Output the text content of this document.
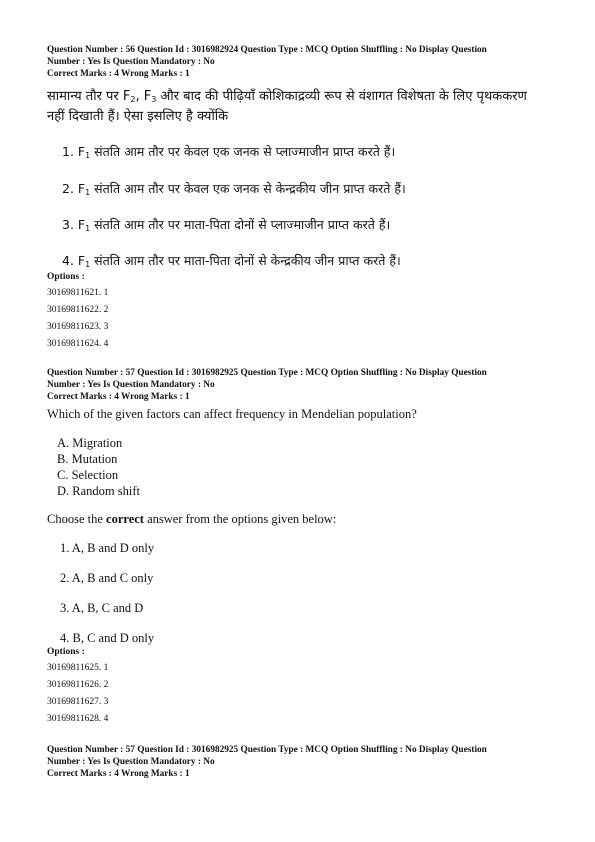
Question Number : 56 Question Id : 3016982924 Question Type : MCQ Option Shuffling : No Display Question
Number : Yes Is Question Mandatory : No
Correct Marks : 4 Wrong Marks : 1
सामान्य तौर पर $F_2$, $F_3$ और बाद की पीढ़ियाँ कोशिकाद्रव्यी रूप से वंशागत विशेषता के लिए पृथककरण
नहीं दिखाती हैं। ऐसा इसलिए है क्योंकि
1. $F_1$ संतति आम तौर पर केवल एक जनक से प्लाज्माजीन प्राप्त करते हैं।
2. $F_1$ संतति आम तौर पर केवल एक जनक से केन्द्रकीय जीन प्राप्त करते हैं।
3. $F_1$ संतति आम तौर पर माता-पिता दोनों से प्लाज्माजीन प्राप्त करते हैं।
4. $F_1$ संतति आम तौर पर माता-पिता दोनों से केन्द्रकीय जीन प्राप्त करते हैं।
Options :
30169811621. 1
30169811622. 2
30169811623. 3
30169811624. 4
Question Number : 57 Question Id : 3016982925 Question Type : MCQ Option Shuffling : No Display Question
Number : Yes Is Question Mandatory : No
Correct Marks : 4 Wrong Marks : 1
Which of the given factors can affect frequency in Mendelian population?
A. Migration
B. Mutation
C. Selection
D. Random shift
Choose the correct answer from the options given below:
1. A, B and D only
2. A, B and C only
3. A, B, C and D
4. B, C and D only
Options :
30169811625. 1
30169811626. 2
30169811627. 3
30169811628. 4
Question Number : 57 Question Id : 3016982925 Question Type : MCQ Option Shuffling : No Display Question
Number : Yes Is Question Mandatory : No
Correct Marks : 4 Wrong Marks : 1
